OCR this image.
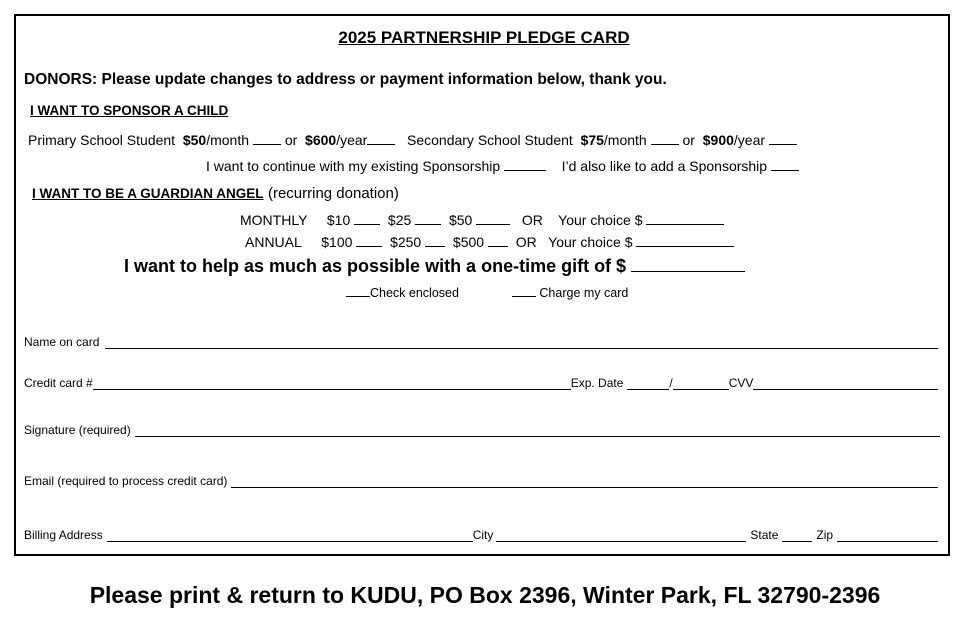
2025 PARTNERSHIP PLEDGE CARD
DONORS: Please update changes to address or payment information below, thank you.
I WANT TO SPONSOR A CHILD
Primary School Student $50/month	or $600/year	Secondary School Student $75/month	or $900/year
I want to continue with my existing Sponsorship	I’d also like to add a Sponsorship
I WANT TO BE A GUARDIAN ANGEL (recurring donation)
MONTHLY $10	$25	$50	OR Your choice $
ANNUAL $100	$250 $500 OR Your choice $
I want to help as much as possible with a one-time gift of $
Check enclosed	Charge my card
Name on card
Credit card #	Exp. Date	/	CVV
Signature (required)
Email (required to process credit card)
Billing Address	City	State	Zip
Please print & return to KUDU, PO Box 2396, Winter Park, FL 32790-2396
